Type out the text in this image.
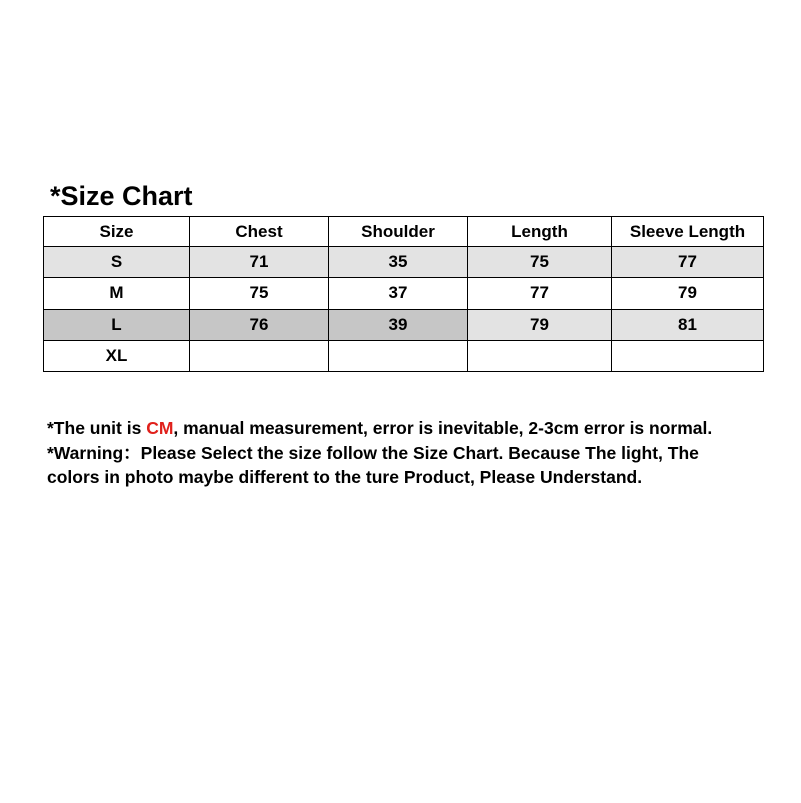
*Size Chart
Size	Chest	Shoulder	Length	Sleeve Length
S	71	35	75	77
M	75	37	77	79
L	76	39	79	81
XL				

*The unit is CM, manual measurement, error is inevitable, 2-3cm error is normal. *Warning：Please Select the size follow the Size Chart. Because The light, The colors in photo maybe different to the ture Product, Please Understand.
